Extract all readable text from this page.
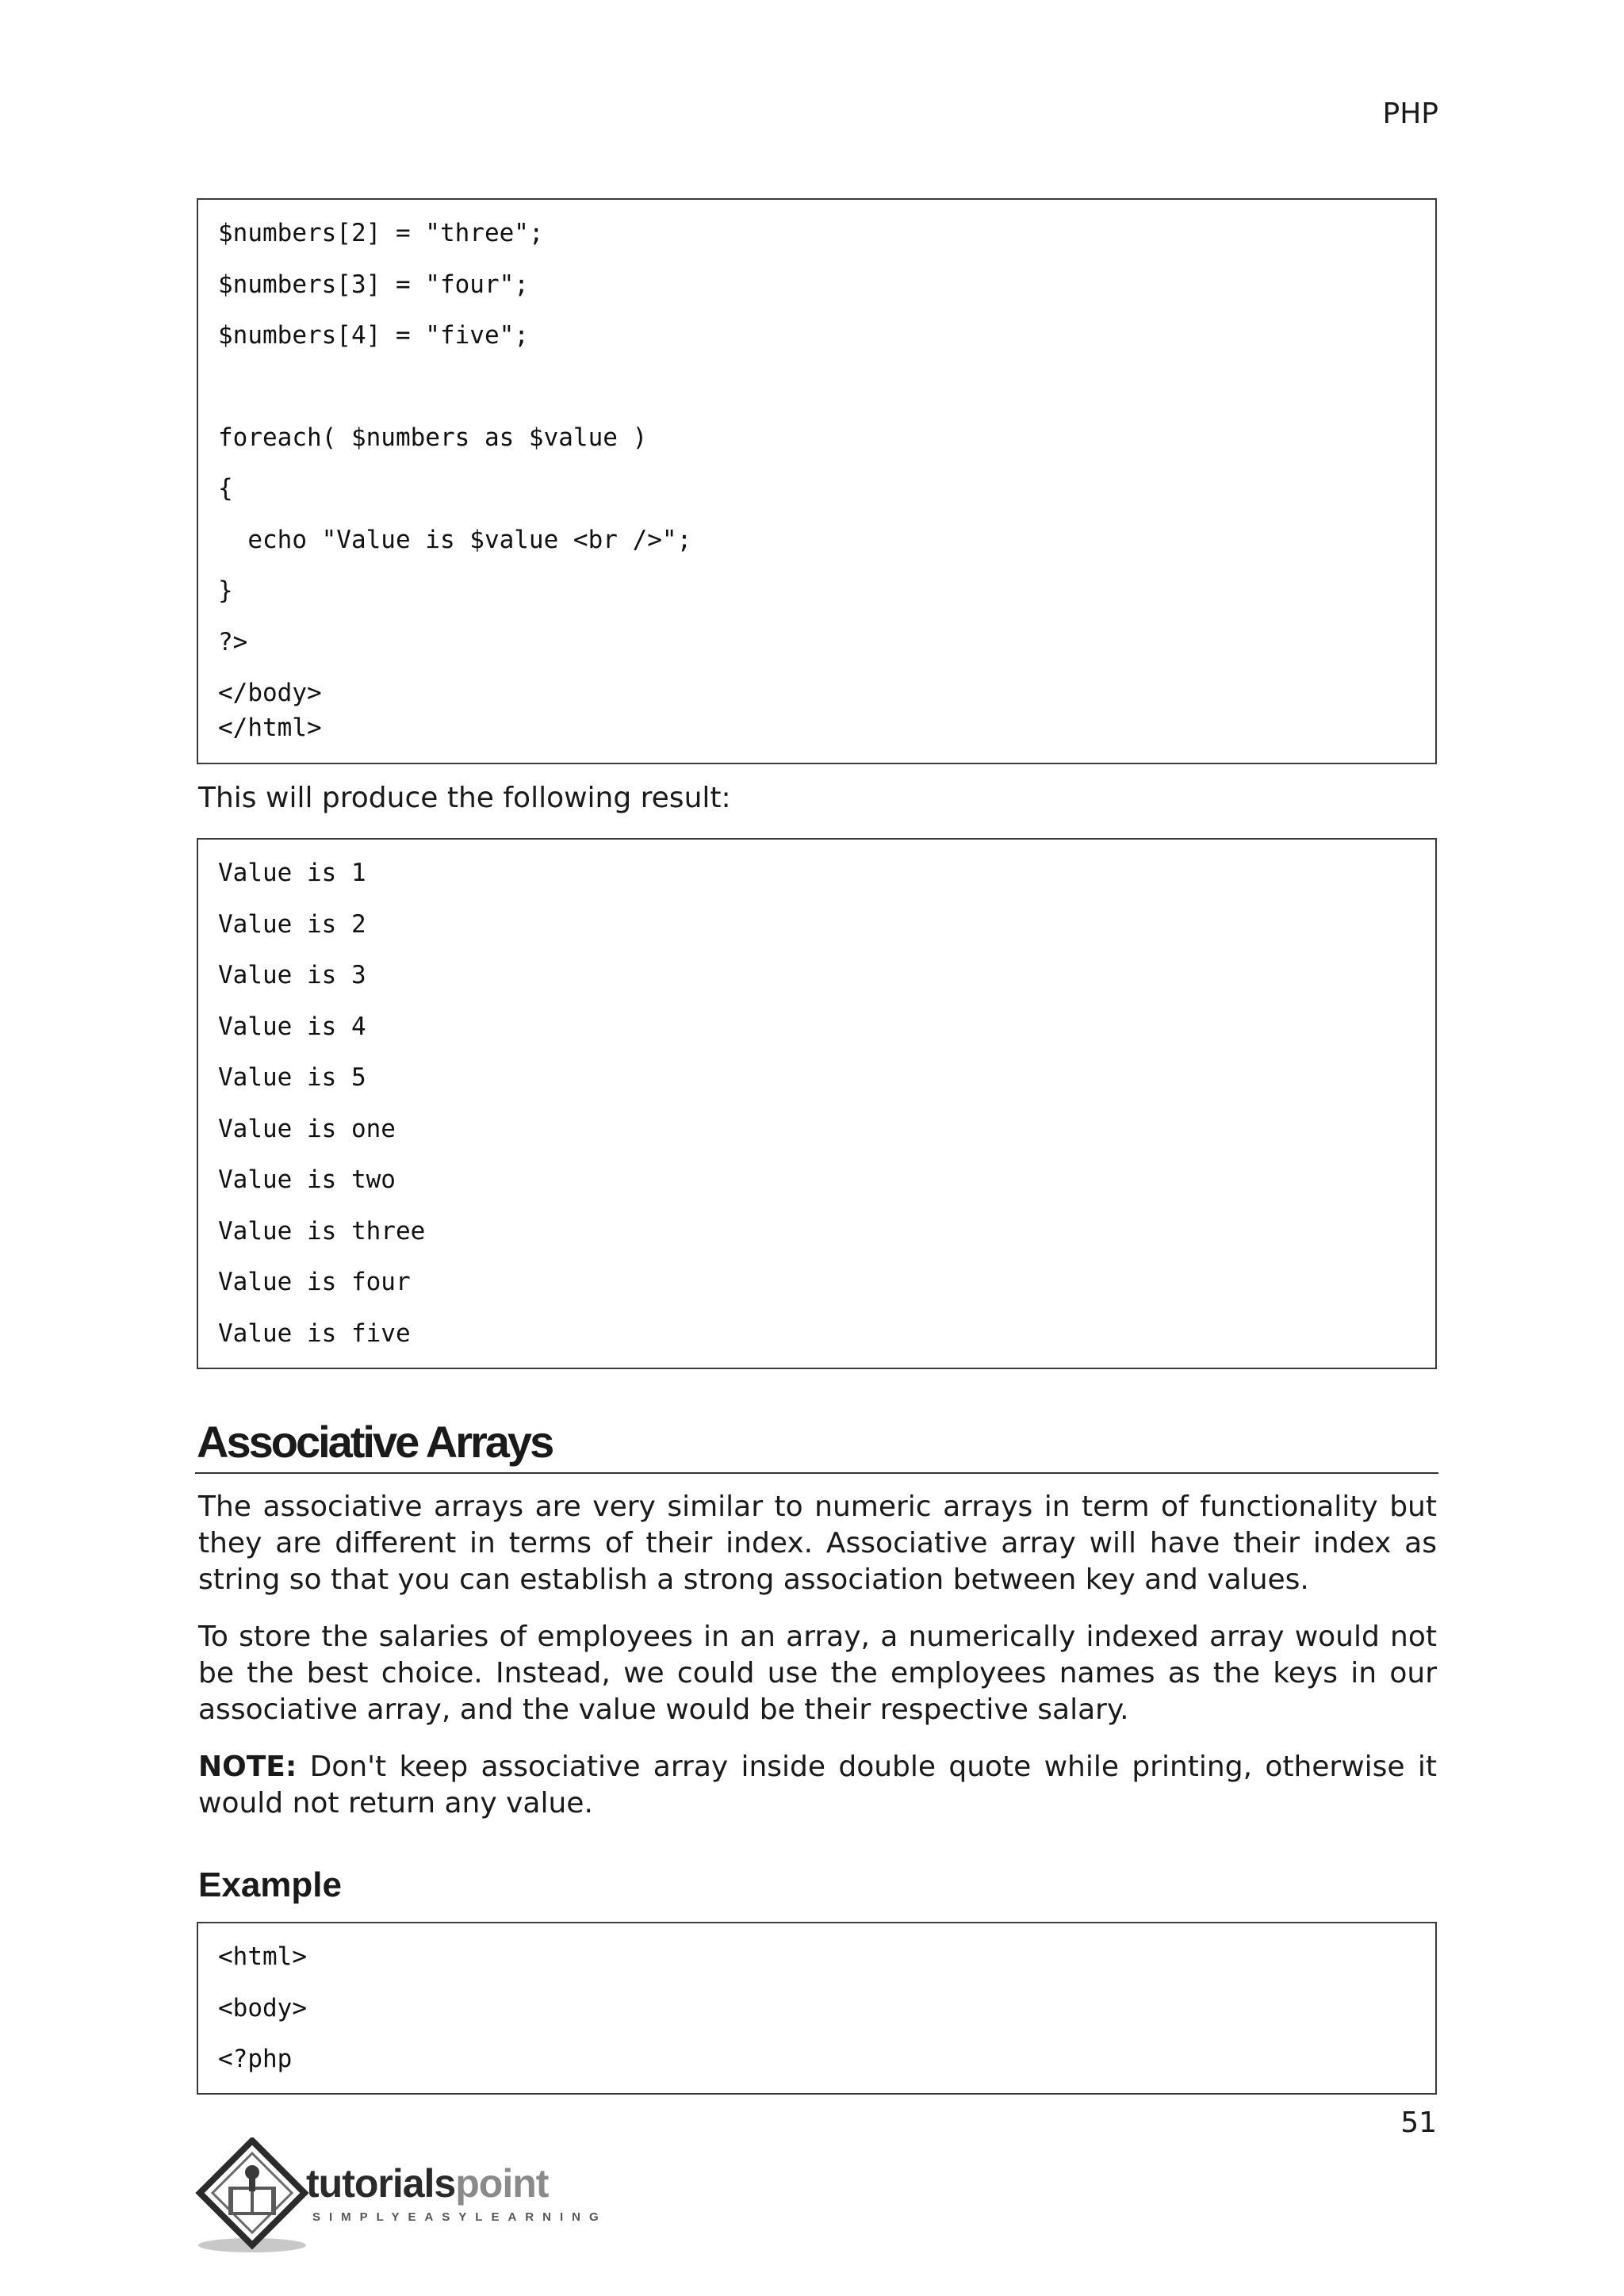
PHP
$numbers[2] = "three";
$numbers[3] = "four";
$numbers[4] = "five";
foreach( $numbers as $value )
{
echo "Value is $value <br />";
}
?>
</body>
</html>
This will produce the following result:
Value is 1
Value is 2
Value is 3
Value is 4
Value is 5
Value is one
Value is two
Value is three
Value is four
Value is five
Associative Arrays
The associative arrays are very similar to numeric arrays in term of functionality but they are different in terms of their index. Associative array will have their index as string so that you can establish a strong association between key and values.
To store the salaries of employees in an array, a numerically indexed array would not be the best choice. Instead, we could use the employees names as the keys in our associative array, and the value would be their respective salary.
NOTE: Don't keep associative array inside double quote while printing, otherwise it would not return any value.
Example
<html>
<body>
<?php
51
tutorialspoint
SIMPLYEASYLEARNING
